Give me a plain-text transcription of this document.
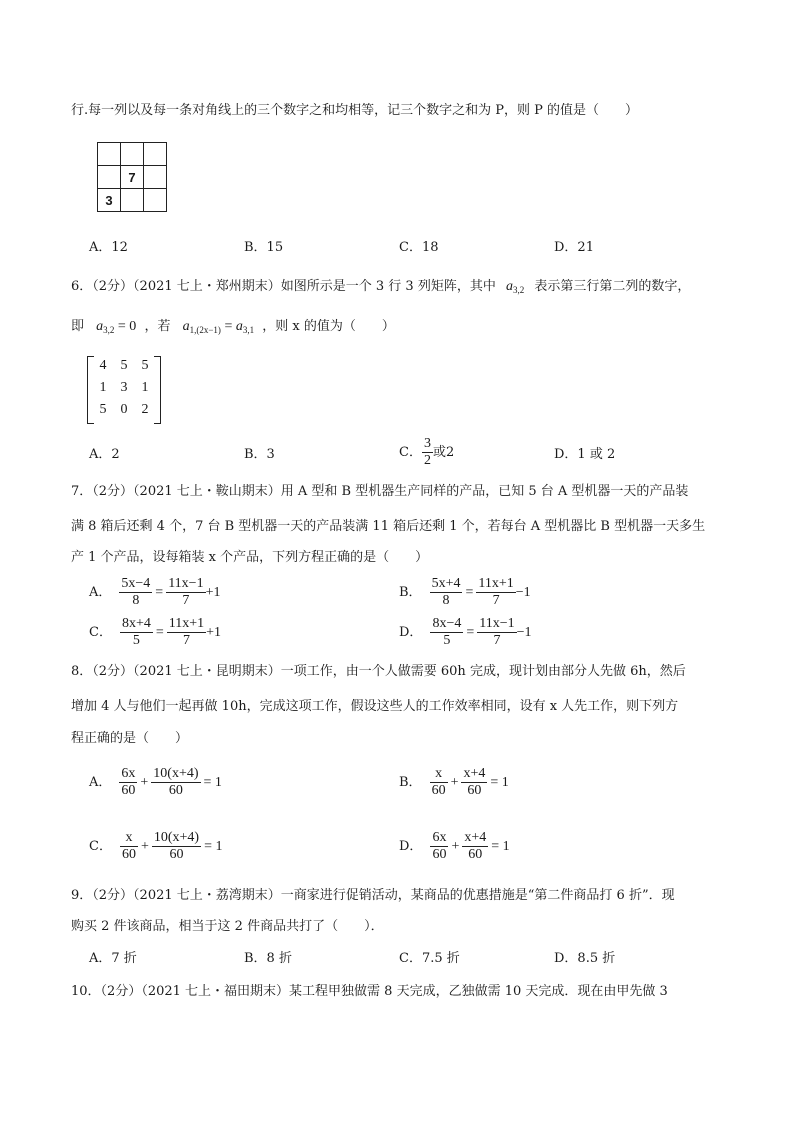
行.每一列以及每一条对角线上的三个数字之和均相等，记三个数字之和为 P，则 P 的值是（　　）

	7	
3		
A．12	B．15	C．18	D．21
6．（2分）（2021 七上・郑州期末）如图所示是一个 3 行 3 列矩阵，其中 $a_{3,2}$ 表示第三行第二列的数字，
即 $a_{3,2} = 0$ ，若 $a_{1,(2x-1)} = a_{3,1}$ ，则 x 的值为（　　）
4	5	5
1	3	1
5	0	2
A．2	B．3	C． $\frac{3}{2}$ 或2	D．1 或 2
7．（2分）（2021 七上・鞍山期末）用 A 型和 B 型机器生产同样的产品，已知 5 台 A 型机器一天的产品装
满 8 箱后还剩 4 个，7 台 B 型机器一天的产品装满 11 箱后还剩 1 个，若每台 A 型机器比 B 型机器一天多生
产 1 个产品，设每箱装 x 个产品，下列方程正确的是（　　）
A． $\frac{5x-4}{8} = \frac{11x-1}{7} +1$	B． $\frac{5x+4}{8} = \frac{11x+1}{7} -1$
C． $\frac{8x+4}{5} = \frac{11x+1}{7} +1$	D． $\frac{8x-4}{5} = \frac{11x-1}{7} -1$
8．（2分）（2021 七上・昆明期末）一项工作，由一个人做需要 60h 完成，现计划由部分人先做 6h，然后
增加 4 人与他们一起再做 10h，完成这项工作，假设这些人的工作效率相同，设有 x 人先工作，则下列方
程正确的是（　　）
A． $\frac{6x}{60} + \frac{10(x+4)}{60} = 1$	B． $\frac{x}{60} + \frac{x+4}{60} = 1$
C． $\frac{x}{60} + \frac{10(x+4)}{60} = 1$	D． $\frac{6x}{60} + \frac{x+4}{60} = 1$
9．（2分）（2021 七上・荔湾期末）一商家进行促销活动，某商品的优惠措施是“第二件商品打 6 折”．现
购买 2 件该商品，相当于这 2 件商品共打了（　　）．
A．7 折	B．8 折	C．7.5 折	D．8.5 折
10．（2分）（2021 七上・福田期末）某工程甲独做需 8 天完成，乙独做需 10 天完成．现在由甲先做 3
